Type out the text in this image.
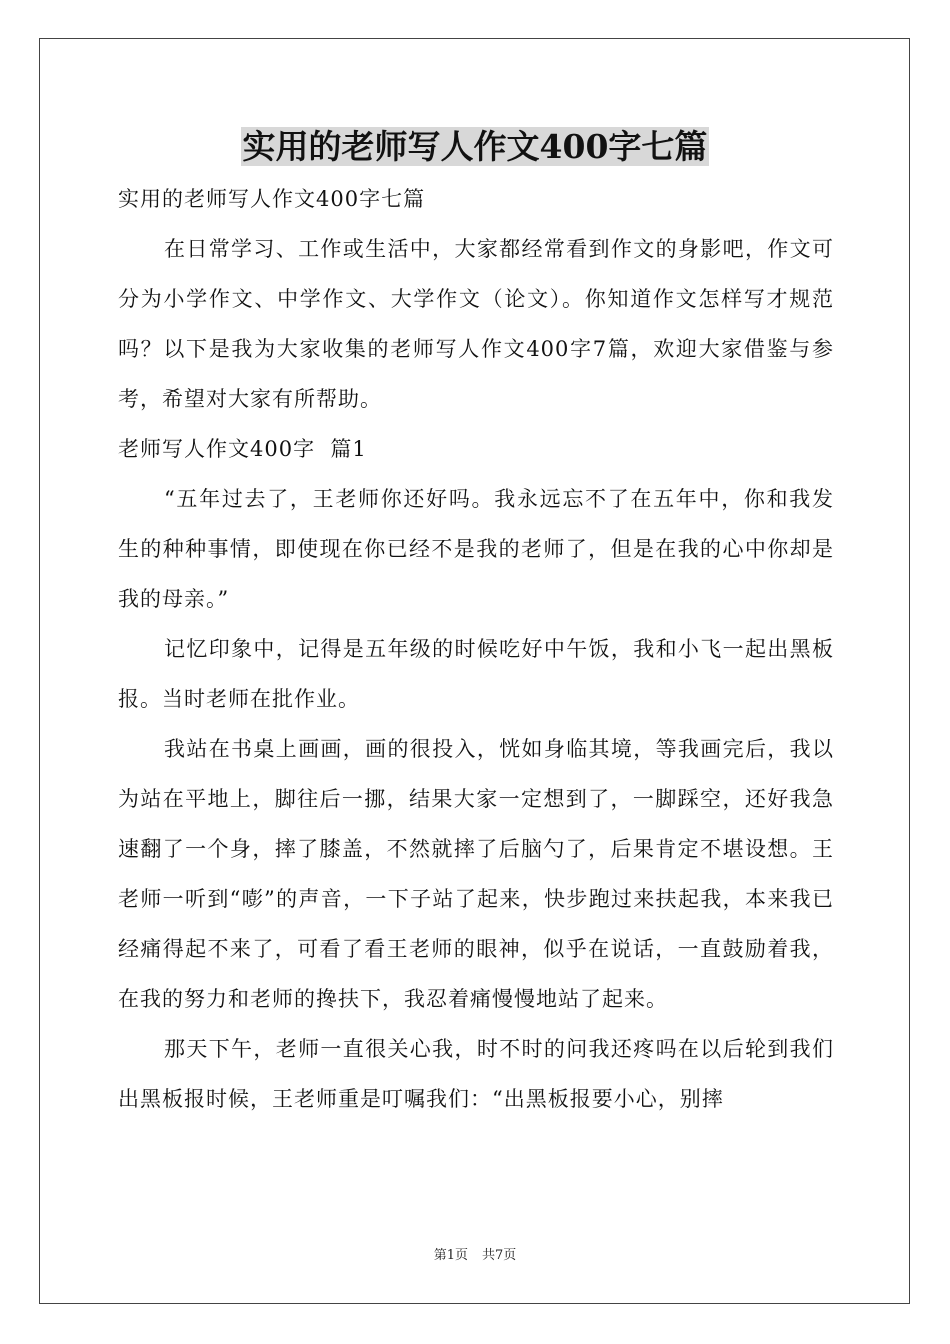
实用的老师写人作文400字七篇

实用的老师写人作文400字七篇

在日常学习、工作或生活中，大家都经常看到作文的身影吧，作文可分为小学作文、中学作文、大学作文（论文）。你知道作文怎样写才规范吗？以下是我为大家收集的老师写人作文400字7篇，欢迎大家借鉴与参考，希望对大家有所帮助。

老师写人作文400字  篇1

“五年过去了，王老师你还好吗。我永远忘不了在五年中，你和我发生的种种事情，即使现在你已经不是我的老师了，但是在我的心中你却是我的母亲。”

记忆印象中，记得是五年级的时候吃好中午饭，我和小飞一起出黑板报。当时老师在批作业。

我站在书桌上画画，画的很投入，恍如身临其境，等我画完后，我以为站在平地上，脚往后一挪，结果大家一定想到了，一脚踩空，还好我急速翻了一个身，摔了膝盖，不然就摔了后脑勺了，后果肯定不堪设想。王老师一听到“嘭”的声音，一下子站了起来，快步跑过来扶起我，本来我已经痛得起不来了，可看了看王老师的眼神，似乎在说话，一直鼓励着我，在我的努力和老师的搀扶下，我忍着痛慢慢地站了起来。

那天下午，老师一直很关心我，时不时的问我还疼吗在以后轮到我们出黑板报时候，王老师重是叮嘱我们：“出黑板报要小心，别摔

第1页 共7页
